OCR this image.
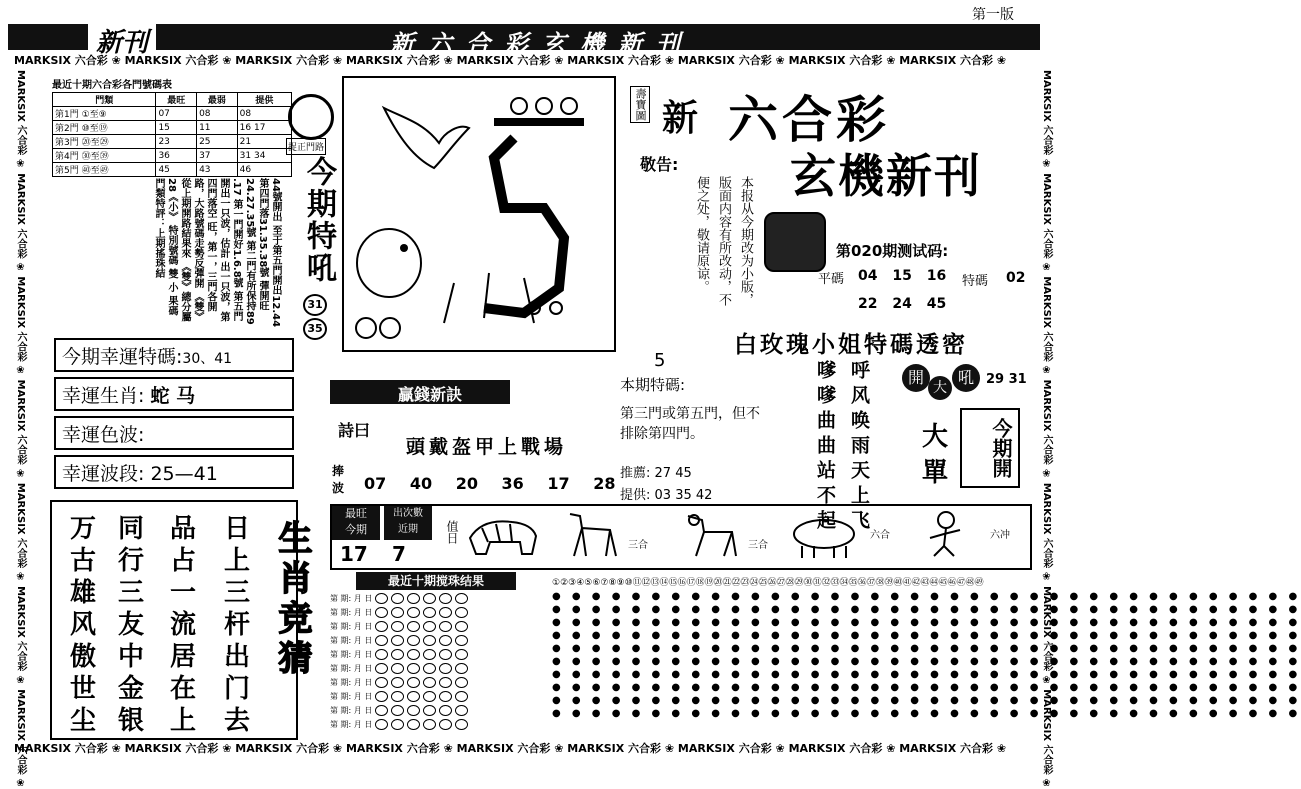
第一版
新刊	新六合彩玄機新刊
MARKSIX 六合彩 ❀ MARKSIX 六合彩 ❀ MARKSIX 六合彩 ❀ MARKSIX 六合彩 ❀ MARKSIX 六合彩 ❀ MARKSIX 六合彩 ❀ MARKSIX 六合彩 ❀ MARKSIX 六合彩 ❀ MARKSIX 六合彩 ❀
MARKSIX 六合彩 ❀ MARKSIX 六合彩 ❀ MARKSIX 六合彩 ❀ MARKSIX 六合彩 ❀ MARKSIX 六合彩 ❀ MARKSIX 六合彩 ❀ MARKSIX 六合彩 ❀ MARKSIX 六合彩 ❀ MARKSIX 六合彩 ❀
MARKSIX 六合彩 ❀ MARKSIX 六合彩 ❀ MARKSIX 六合彩 ❀ MARKSIX 六合彩 ❀ MARKSIX 六合彩 ❀ MARKSIX 六合彩 ❀ MARKSIX 六合彩 ❀	MARKSIX 六合彩 ❀ MARKSIX 六合彩 ❀ MARKSIX 六合彩 ❀ MARKSIX 六合彩 ❀ MARKSIX 六合彩 ❀ MARKSIX 六合彩 ❀ MARKSIX 六合彩 ❀
最近十期六合彩各門號碼表
門類	最旺	最弱	提供
第1門 ①至⑨	07	08	08
第2門 ⑩至⑲	15	11	16 17
第3門 ⑳至㉙	23	25	21
第4門 ㉚至㊴	36	37	31 34
第5門 ㊵至㊾	45	43	46
44號開出 至于第五門開出12.44 第四門落31.35.38號 彈開旺24.27.35號 第二門有所保持89 .17 第一門開好1.6.8號 第五門開出一只波，估計 出一只波，第四門落空 旺，第一，三門各開 路，大路號碼走勢反彈開 《雙》從上期開路結果來 《雙》總分屬28《小》 特別號碼 雙 小 果碼 門類特評：上期搖珠結
捉正門路
今期特吼
31
35
壽寶圖 新 六合彩
玄機新刊
敬告:
本报从今期改为小版，版面内容有所改动，不便之处，敬请原谅。	第020期测试码:
平碼 04 15 16
22 24 45
特碼 02
白玫瑰小姐特碼透密
今期幸運特碼:30、41
幸運生肖: 蛇 马
幸運色波:
幸運波段: 25—41
万 同 品 日
古 行 占 上
雄 三 一 三
风 友 流 杆
傲 中 居 出
世 金 在 门
尘 银 上 去
生肖竞猜
贏錢新訣
詩曰
頭戴盔甲上戰場
捧波 07 40 20 36 17 28
5
本期特碼:
第三門或第五門，但不排除第四門。
推薦: 27 45
提供: 03 35 42	嗲嗲曲曲站不起 呼风唤雨天上飞	開
大
吼 29 31
大
單	今期開
最旺
今期
17
出次數
近期
7
值日
三合	三合
六合	六冲
最近十期搅珠结果
第 期: 月 日
第 期: 月 日
第 期: 月 日
第 期: 月 日
第 期: 月 日
第 期: 月 日
第 期: 月 日
第 期: 月 日
第 期: 月 日
第 期: 月 日
①②③④⑤⑥⑦⑧⑨⑩⑪⑫⑬⑭⑮⑯⑰⑱⑲⑳㉑㉒㉓㉔㉕㉖㉗㉘㉙㉚㉛㉜㉝㉞㉟㊱㊲㊳㊴㊵㊶㊷㊸㊹㊺㊻㊼㊽㊾
● ● ● ● ● ● ● ● ● ● ● ● ● ● ● ● ● ● ● ● ● ● ● ● ● ● ● ● ● ● ● ● ● ● ● ● ● ●
● ● ● ● ● ● ● ● ● ● ● ● ● ● ● ● ● ● ● ● ● ● ● ● ● ● ● ● ● ● ● ● ● ● ● ● ● ●
● ● ● ● ● ● ● ● ● ● ● ● ● ● ● ● ● ● ● ● ● ● ● ● ● ● ● ● ● ● ● ● ● ● ● ● ● ●
● ● ● ● ● ● ● ● ● ● ● ● ● ● ● ● ● ● ● ● ● ● ● ● ● ● ● ● ● ● ● ● ● ● ● ● ● ●
● ● ● ● ● ● ● ● ● ● ● ● ● ● ● ● ● ● ● ● ● ● ● ● ● ● ● ● ● ● ● ● ● ● ● ● ● ●
● ● ● ● ● ● ● ● ● ● ● ● ● ● ● ● ● ● ● ● ● ● ● ● ● ● ● ● ● ● ● ● ● ● ● ● ● ●
● ● ● ● ● ● ● ● ● ● ● ● ● ● ● ● ● ● ● ● ● ● ● ● ● ● ● ● ● ● ● ● ● ● ● ● ● ●
● ● ● ● ● ● ● ● ● ● ● ● ● ● ● ● ● ● ● ● ● ● ● ● ● ● ● ● ● ● ● ● ● ● ● ● ● ●
● ● ● ● ● ● ● ● ● ● ● ● ● ● ● ● ● ● ● ● ● ● ● ● ● ● ● ● ● ● ● ● ● ● ● ● ● ●
● ● ● ● ● ● ● ● ● ● ● ● ● ● ● ● ● ● ● ● ● ● ● ● ● ● ● ● ● ● ● ● ● ● ● ● ● ●
